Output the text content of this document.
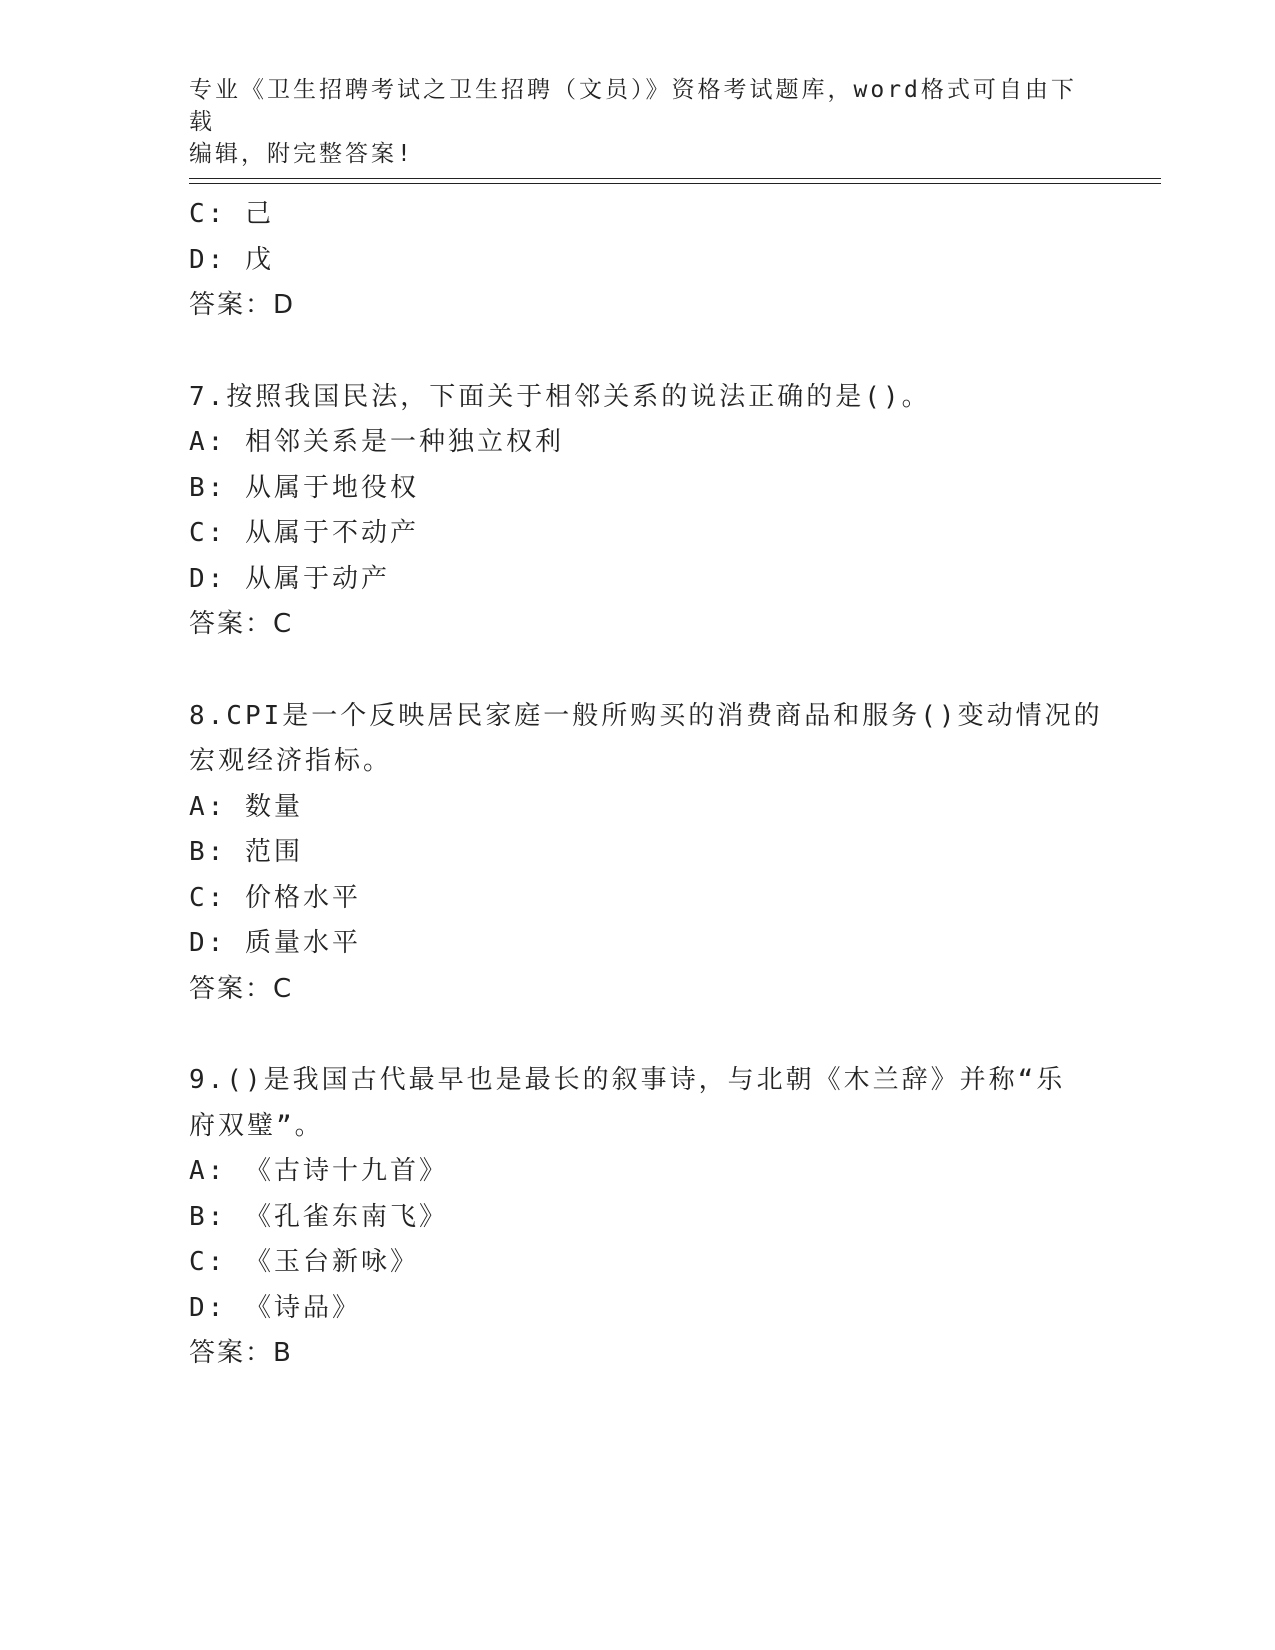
专业《卫生招聘考试之卫生招聘（文员）》资格考试题库，word格式可自由下载
编辑，附完整答案!
C: 己
D: 戊
答案：D
7.按照我国民法，下面关于相邻关系的说法正确的是()。
A: 相邻关系是一种独立权利
B: 从属于地役权
C: 从属于不动产
D: 从属于动产
答案：C
8.CPI是一个反映居民家庭一般所购买的消费商品和服务()变动情况的
宏观经济指标。
A: 数量
B: 范围
C: 价格水平
D: 质量水平
答案：C
9.()是我国古代最早也是最长的叙事诗，与北朝《木兰辞》并称“乐
府双璧”。
A: 《古诗十九首》
B: 《孔雀东南飞》
C: 《玉台新咏》
D: 《诗品》
答案：B
